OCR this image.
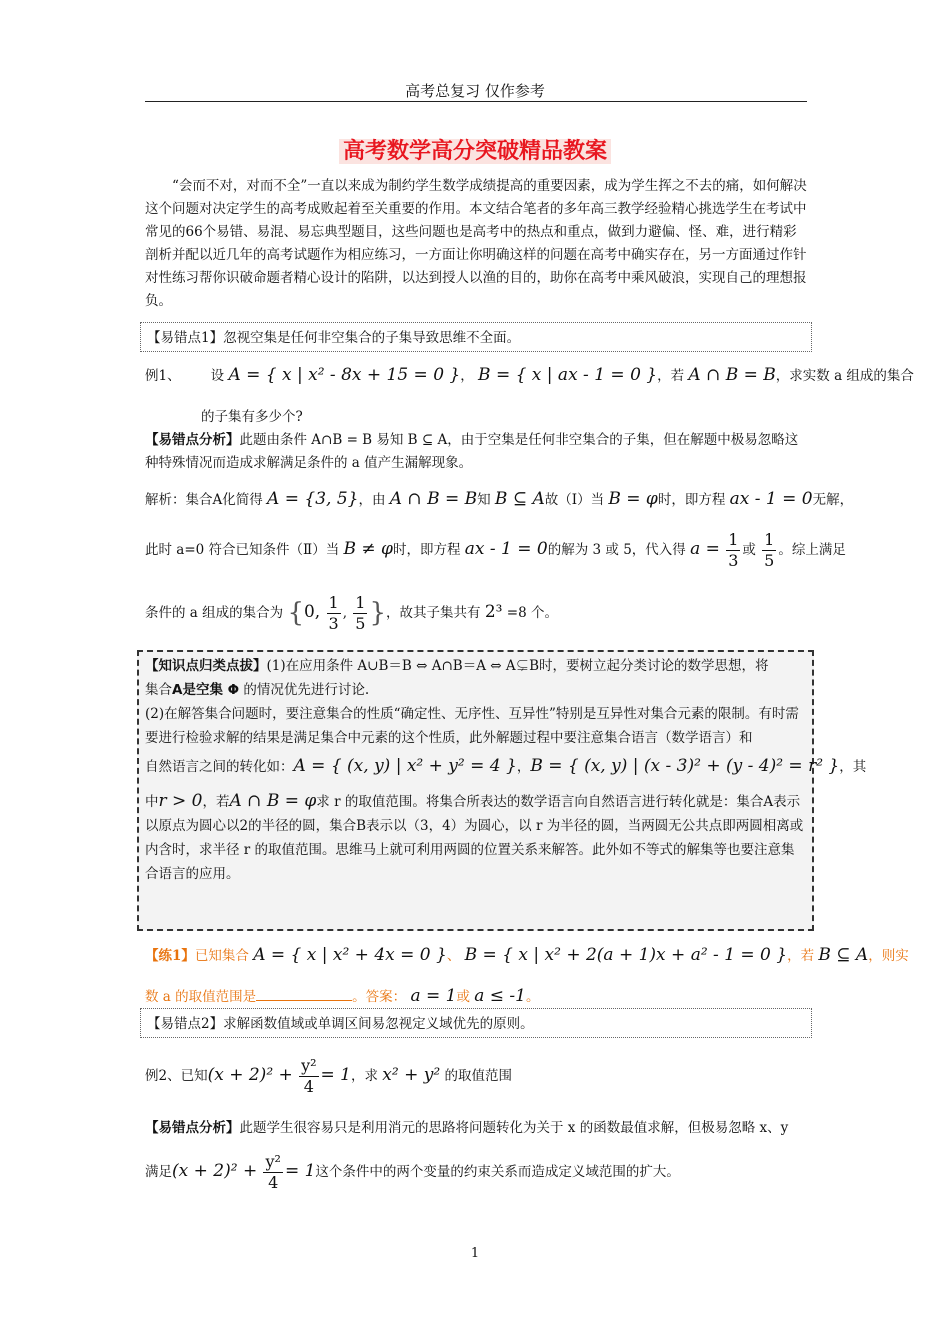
高考总复习 仅作参考
高考数学高分突破精品教案
“会而不对，对而不全”一直以来成为制约学生数学成绩提高的重要因素，成为学生挥之不去的痛，如何解决这个问题对决定学生的高考成败起着至关重要的作用。本文结合笔者的多年高三教学经验精心挑选学生在考试中常见的66个易错、易混、易忘典型题目，这些问题也是高考中的热点和重点，做到力避偏、怪、难，进行精彩剖析并配以近几年的高考试题作为相应练习，一方面让你明确这样的问题在高考中确实存在，另一方面通过作针对性练习帮你识破命题者精心设计的陷阱，以达到授人以渔的目的，助你在高考中乘风破浪，实现自己的理想报负。
【易错点1】忽视空集是任何非空集合的子集导致思维不全面。
例1、 设 A = { x | x² - 8x + 15 = 0 }， B = { x | ax - 1 = 0 }，若 A ∩ B = B，求实数 a 组成的集合
的子集有多少个?
【易错点分析】此题由条件 A∩B = B 易知 B ⊆ A，由于空集是任何非空集合的子集，但在解题中极易忽略这种特殊情况而造成求解满足条件的 a 值产生漏解现象。
解析：集合A化简得 A = {3, 5}，由 A ∩ B = B知 B ⊆ A故（Ⅰ）当 B = φ时，即方程 ax - 1 = 0无解，
此时 a=0 符合已知条件（Ⅱ）当 B ≠ φ时，即方程 ax - 1 = 0的解为 3 或 5，代入得 $a = \frac{1}{3}$ 或 $\frac{1}{5}$ 。综上满足
条件的 a 组成的集合为 {0, $\frac{1}{3}$ , $\frac{1}{5}$ }，故其子集共有 2³ =8 个。
【知识点归类点拔】(1)在应用条件 A∪B＝B ⇔ A∩B＝A ⇔ A⊊B时，要树立起分类讨论的数学思想，将
集合A是空集 Φ 的情况优先进行讨论.
(2)在解答集合问题时，要注意集合的性质“确定性、无序性、互异性”特别是互异性对集合元素的限制。有时需要进行检验求解的结果是满足集合中元素的这个性质，此外解题过程中要注意集合语言（数学语言）和
自然语言之间的转化如：A = { (x, y) | x² + y² = 4 }，B = { (x, y) | (x - 3)² + (y - 4)² = r² }，其
中r > 0，若A ∩ B = φ求 r 的取值范围。将集合所表达的数学语言向自然语言进行转化就是：集合A表示以原点为圆心以2的半径的圆，集合B表示以（3，4）为圆心，以 r 为半径的圆，当两圆无公共点即两圆相离或内含时，求半径 r 的取值范围。思维马上就可利用两圆的位置关系来解答。此外如不等式的解集等也要注意集合语言的应用。
【练1】已知集合 A = { x | x² + 4x = 0 }、 B = { x | x² + 2(a + 1)x + a² - 1 = 0 }，若 B ⊆ A，则实
数 a 的取值范围是	。答案： a = 1或 a ≤ -1。
【易错点2】求解函数值域或单调区间易忽视定义域优先的原则。
例2、已知$(x + 2)^2 + \frac{\text{y²}}{4} = 1$，求 x² + y² 的取值范围
【易错点分析】此题学生很容易只是利用消元的思路将问题转化为关于 x 的函数最值求解，但极易忽略 x、y
满足$(x + 2)^2 + \frac{\text{y²}}{4} = 1$这个条件中的两个变量的约束关系而造成定义域范围的扩大。
1
